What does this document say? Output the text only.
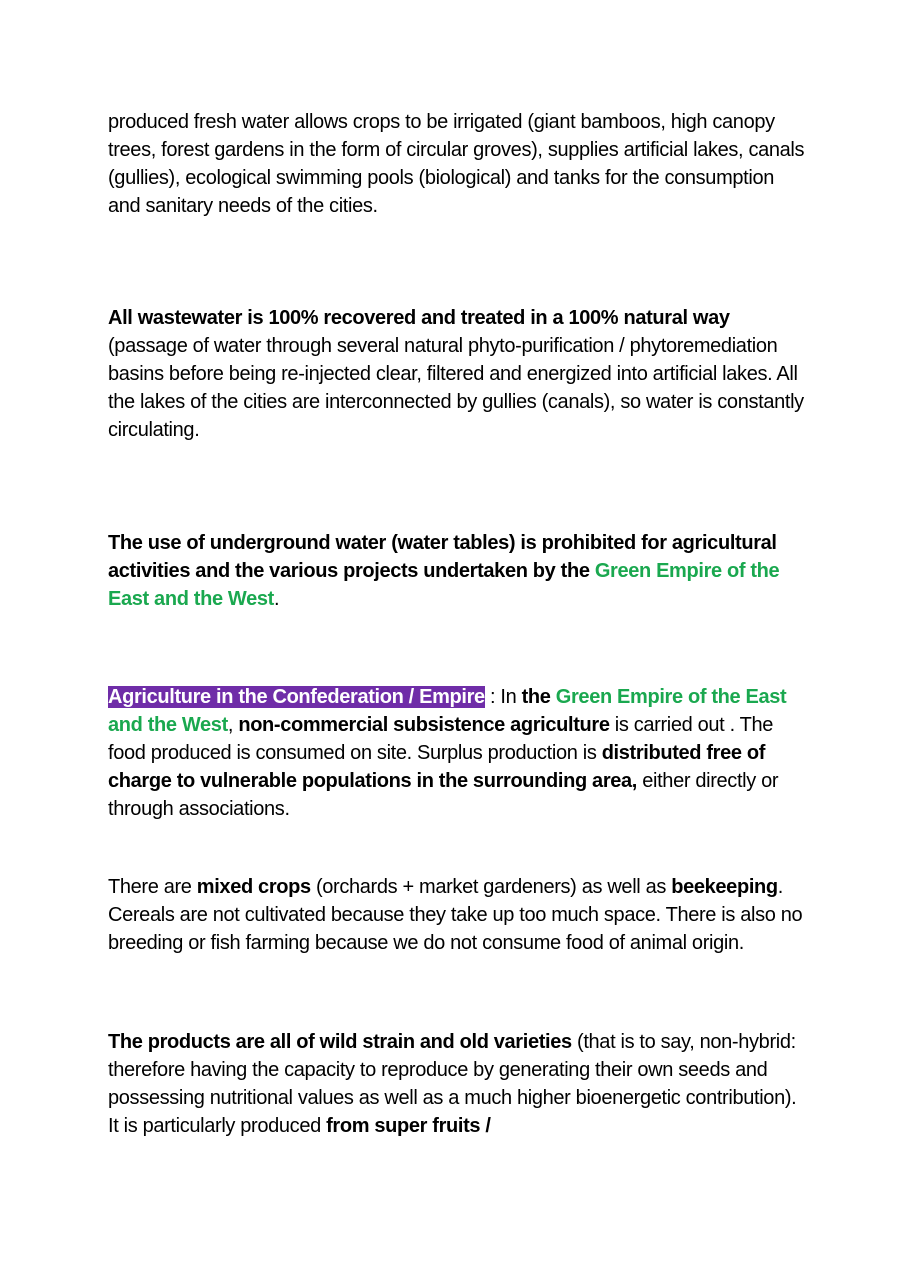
produced fresh water allows crops to be irrigated (giant bamboos, high canopy trees, forest gardens in the form of circular groves), supplies artificial lakes, canals (gullies), ecological swimming pools (biological) and tanks for the consumption and sanitary needs of the cities.

All wastewater is 100% recovered and treated in a 100% natural way (passage of water through several natural phyto-purification / phytoremediation basins before being re-injected clear, filtered and energized into artificial lakes. All the lakes of the cities are interconnected by gullies (canals), so water is constantly circulating.

The use of underground water (water tables) is prohibited for agricultural activities and the various projects undertaken by the Green Empire of the East and the West.

Agriculture in the Confederation / Empire : In the Green Empire of the East and the West, non-commercial subsistence agriculture is carried out . The food produced is consumed on site. Surplus production is distributed free of charge to vulnerable populations in the surrounding area, either directly or through associations.

There are mixed crops (orchards + market gardeners) as well as beekeeping. Cereals are not cultivated because they take up too much space. There is also no breeding or fish farming because we do not consume food of animal origin.

The products are all of wild strain and old varieties (that is to say, non-hybrid: therefore having the capacity to reproduce by generating their own seeds and possessing nutritional values as well as a much higher bioenergetic contribution). It is particularly produced from super fruits /
